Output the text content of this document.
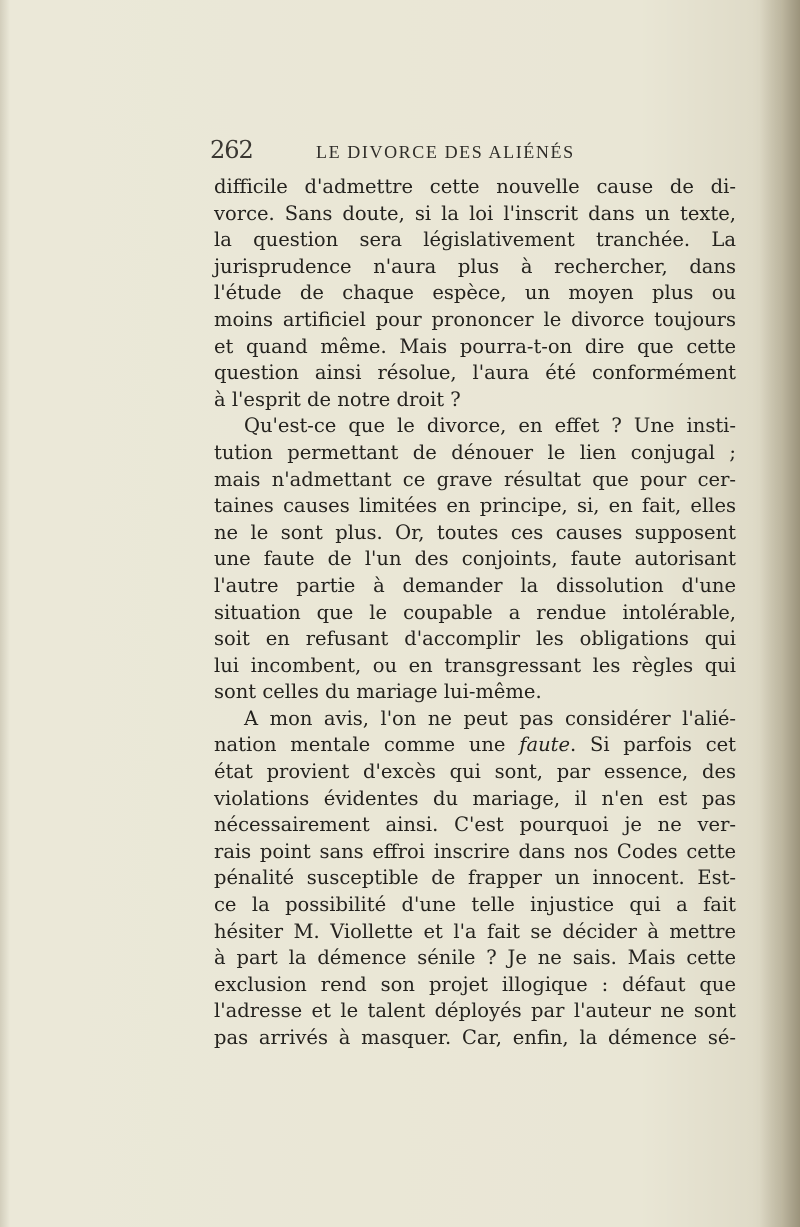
262	LE DIVORCE DES ALIÉNÉS
difficile d'admettre cette nouvelle cause de di-
vorce. Sans doute, si la loi l'inscrit dans un texte,
la question sera législativement tranchée. La
jurisprudence n'aura plus à rechercher, dans
l'étude de chaque espèce, un moyen plus ou
moins artificiel pour prononcer le divorce toujours
et quand même. Mais pourra-t-on dire que cette
question ainsi résolue, l'aura été conformément
à l'esprit de notre droit ?
Qu'est-ce que le divorce, en effet ? Une insti-
tution permettant de dénouer le lien conjugal ;
mais n'admettant ce grave résultat que pour cer-
taines causes limitées en principe, si, en fait, elles
ne le sont plus. Or, toutes ces causes supposent
une faute de l'un des conjoints, faute autorisant
l'autre partie à demander la dissolution d'une
situation que le coupable a rendue intolérable,
soit en refusant d'accomplir les obligations qui
lui incombent, ou en transgressant les règles qui
sont celles du mariage lui-même.
A mon avis, l'on ne peut pas considérer l'alié-
nation mentale comme une faute. Si parfois cet
état provient d'excès qui sont, par essence, des
violations évidentes du mariage, il n'en est pas
nécessairement ainsi. C'est pourquoi je ne ver-
rais point sans effroi inscrire dans nos Codes cette
pénalité susceptible de frapper un innocent. Est-
ce la possibilité d'une telle injustice qui a fait
hésiter M. Viollette et l'a fait se décider à mettre
à part la démence sénile ? Je ne sais. Mais cette
exclusion rend son projet illogique : défaut que
l'adresse et le talent déployés par l'auteur ne sont
pas arrivés à masquer. Car, enfin, la démence sé-
